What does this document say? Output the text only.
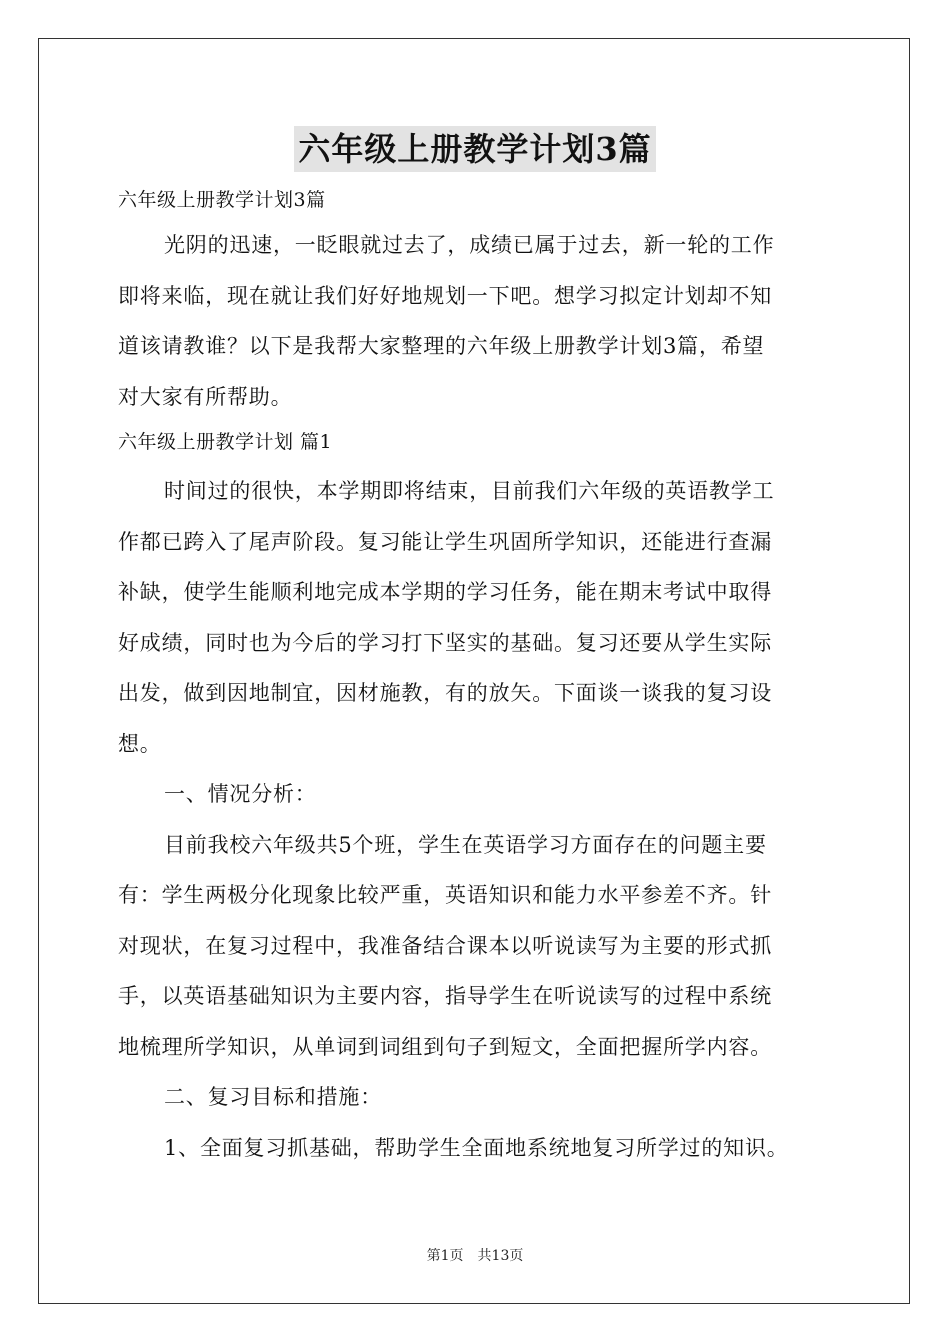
六年级上册教学计划3篇
六年级上册教学计划3篇
光阴的迅速，一眨眼就过去了，成绩已属于过去，新一轮的工作
即将来临，现在就让我们好好地规划一下吧。想学习拟定计划却不知
道该请教谁？以下是我帮大家整理的六年级上册教学计划3篇，希望
对大家有所帮助。
六年级上册教学计划 篇1
时间过的很快，本学期即将结束，目前我们六年级的英语教学工
作都已跨入了尾声阶段。复习能让学生巩固所学知识，还能进行查漏
补缺，使学生能顺利地完成本学期的学习任务，能在期末考试中取得
好成绩，同时也为今后的学习打下坚实的基础。复习还要从学生实际
出发，做到因地制宜，因材施教，有的放矢。下面谈一谈我的复习设
想。
一、情况分析：
目前我校六年级共5个班，学生在英语学习方面存在的问题主要
有：学生两极分化现象比较严重，英语知识和能力水平参差不齐。针
对现状，在复习过程中，我准备结合课本以听说读写为主要的形式抓
手，以英语基础知识为主要内容，指导学生在听说读写的过程中系统
地梳理所学知识，从单词到词组到句子到短文，全面把握所学内容。
二、复习目标和措施：
1、全面复习抓基础，帮助学生全面地系统地复习所学过的知识。
第1页 共13页
